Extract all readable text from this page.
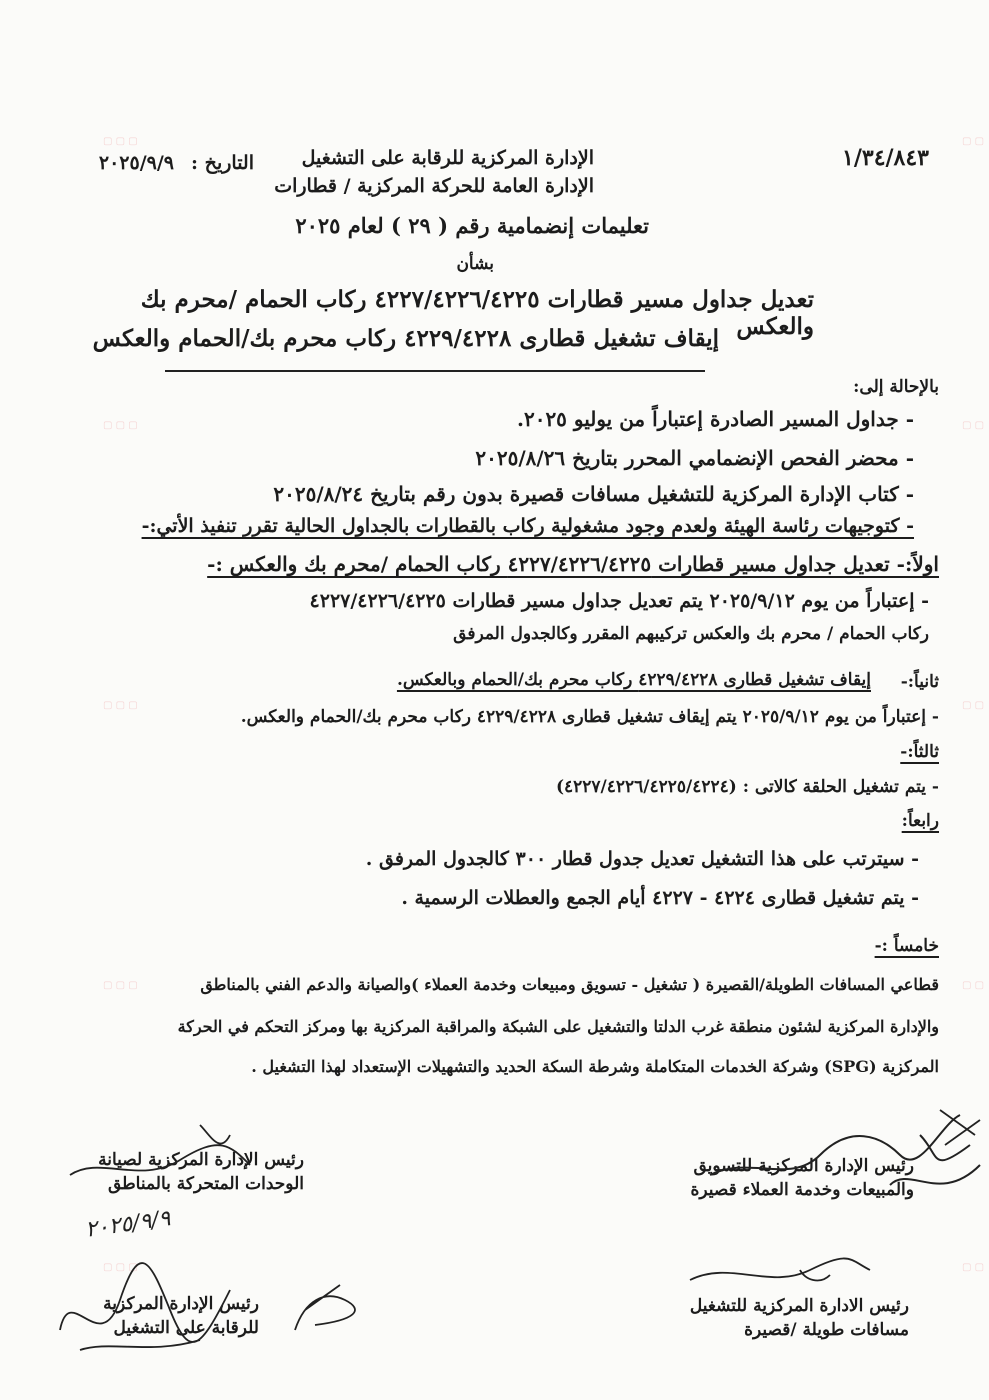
▢ ▢ ▢	▢ ▢
▢ ▢ ▢	▢ ▢
▢ ▢ ▢	▢ ▢
▢ ▢ ▢	▢ ▢
▢ ▢ ▢	▢ ▢
١/٣٤/٨٤٣
الإدارة المركزية للرقابة على التشغيل
الإدارة العامة للحركة المركزية / قطارات
التاريخ :
٢٠٢٥/٩/٩
تعليمات إنضمامية رقم ( ٢٩ ) لعام ٢٠٢٥
بشأن
تعديل جداول مسير قطارات ٤٢٢٧/٤٢٢٦/٤٢٢٥ ركاب الحمام /محرم بك والعكس
إيقاف تشغيل قطارى ٤٢٢٩/٤٢٢٨ ركاب محرم بك/الحمام والعكس
بالإحالة إلى:
- جداول المسير الصادرة إعتباراً من يوليو ٢٠٢٥.
- محضر الفحص الإنضمامي المحرر بتاريخ ٢٠٢٥/٨/٢٦
- كتاب الإدارة المركزية للتشغيل مسافات قصيرة بدون رقم بتاريخ ٢٠٢٥/٨/٢٤
- كتوجيهات رئاسة الهيئة ولعدم وجود مشغولية ركاب بالقطارات بالجداول الحالية تقرر تنفيذ الأتي:-
اولاً:- تعديل جداول مسير قطارات ٤٢٢٧/٤٢٢٦/٤٢٢٥ ركاب الحمام /محرم بك والعكس :-
- إعتباراً من يوم ٢٠٢٥/٩/١٢ يتم تعديل جداول مسير قطارات ٤٢٢٧/٤٢٢٦/٤٢٢٥
ركاب الحمام / محرم بك والعكس تركيبهم المقرر وكالجدول المرفق
ثانياً:-
إيقاف تشغيل قطارى ٤٢٢٩/٤٢٢٨ ركاب محرم بك/الحمام وبالعكس.
- إعتباراً من يوم ٢٠٢٥/٩/١٢ يتم إيقاف تشغيل قطارى ٤٢٢٩/٤٢٢٨ ركاب محرم بك/الحمام والعكس.
ثالثاً:-
- يتم تشغيل الحلقة كالاتى : (٤٢٢٧/٤٢٢٦/٤٢٢٥/٤٢٢٤)
رابعاً:
- سيترتب على هذا التشغيل تعديل جدول قطار ٣٠٠ كالجدول المرفق .
- يتم تشغيل قطارى ٤٢٢٤ - ٤٢٢٧ أيام الجمع والعطلات الرسمية .
خامساً :-
قطاعي المسافات الطويلة/القصيرة ( تشغيل - تسويق ومبيعات وخدمة العملاء )والصيانة والدعم الفني بالمناطق
والإدارة المركزية لشئون منطقة غرب الدلتا والتشغيل على الشبكة والمراقبة المركزية بها ومركز التحكم في الحركة
المركزية (SPG) وشركة الخدمات المتكاملة وشرطة السكة الحديد والتشهيلات الإستعداد لهذا التشغيل .
رئيس الإدارة المركزية للتسويق
والمبيعات وخدمة العملاء قصيرة
رئيس الإدارة المركزية لصيانة
الوحدات المتحركة بالمناطق
رئيس الادارة المركزية للتشغيل
مسافات طويلة /قصيرة
رئيس الإدارة المركزية
للرقابة على التشغيل
٢٠٢٥/٩/٩
